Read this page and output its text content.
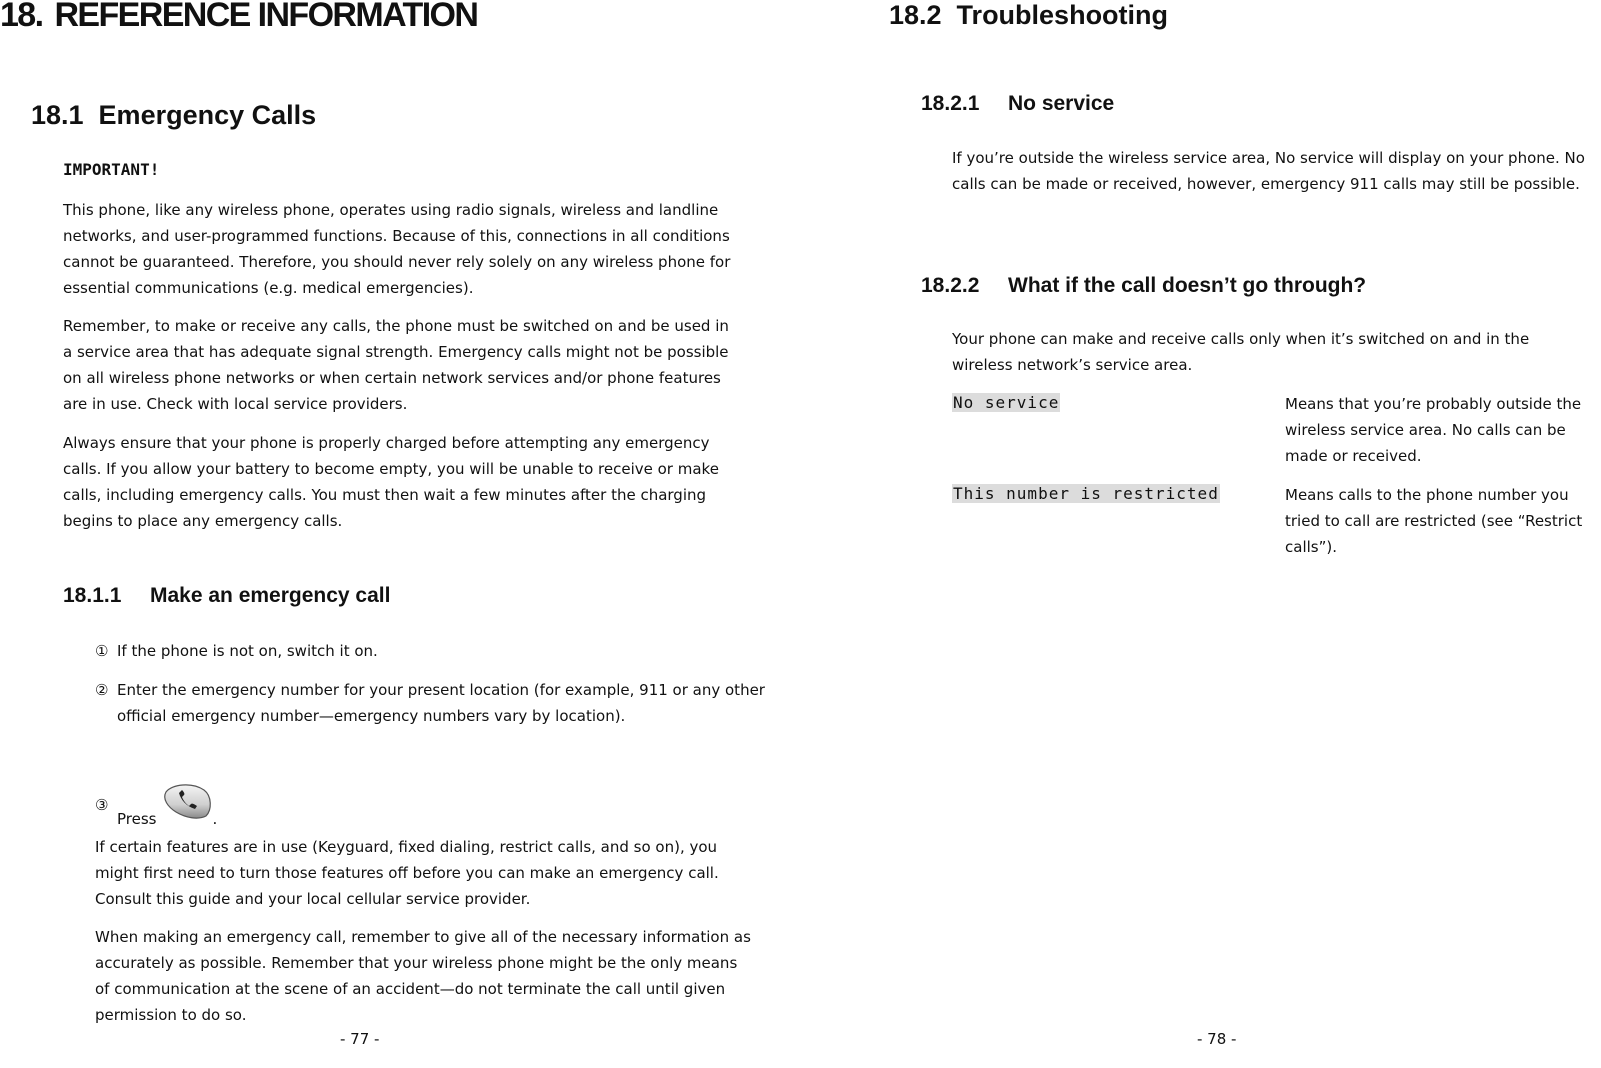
18. REFERENCE INFORMATION
18.1  Emergency Calls
IMPORTANT!
This phone, like any wireless phone, operates using radio signals, wireless and landline networks, and user-programmed functions. Because of this, connections in all conditions cannot be guaranteed. Therefore, you should never rely solely on any wireless phone for essential communications (e.g. medical emergencies).
Remember, to make or receive any calls, the phone must be switched on and be used in a service area that has adequate signal strength. Emergency calls might not be possible on all wireless phone networks or when certain network services and/or phone features are in use. Check with local service providers.
Always ensure that your phone is properly charged before attempting any emergency calls. If you allow your battery to become empty, you will be unable to receive or make calls, including emergency calls. You must then wait a few minutes after the charging begins to place any emergency calls.
18.1.1 Make an emergency call
① If the phone is not on, switch it on.
② Enter the emergency number for your present location (for example, 911 or any other official emergency number—emergency numbers vary by location).
③
Press	.
If certain features are in use (Keyguard, fixed dialing, restrict calls, and so on), you might first need to turn those features off before you can make an emergency call. Consult this guide and your local cellular service provider.
When making an emergency call, remember to give all of the necessary information as accurately as possible. Remember that your wireless phone might be the only means of communication at the scene of an accident—do not terminate the call until given permission to do so.
- 77 -
18.2  Troubleshooting
18.2.1 No service
If you’re outside the wireless service area, No service will display on your phone. No calls can be made or received, however, emergency 911 calls may still be possible.
18.2.2 What if the call doesn’t go through?
Your phone can make and receive calls only when it’s switched on and in the wireless network’s service area.
No service	Means that you’re probably outside the wireless service area. No calls can be made or received.
This number is restricted	Means calls to the phone number you tried to call are restricted (see “Restrict calls”).
- 78 -
